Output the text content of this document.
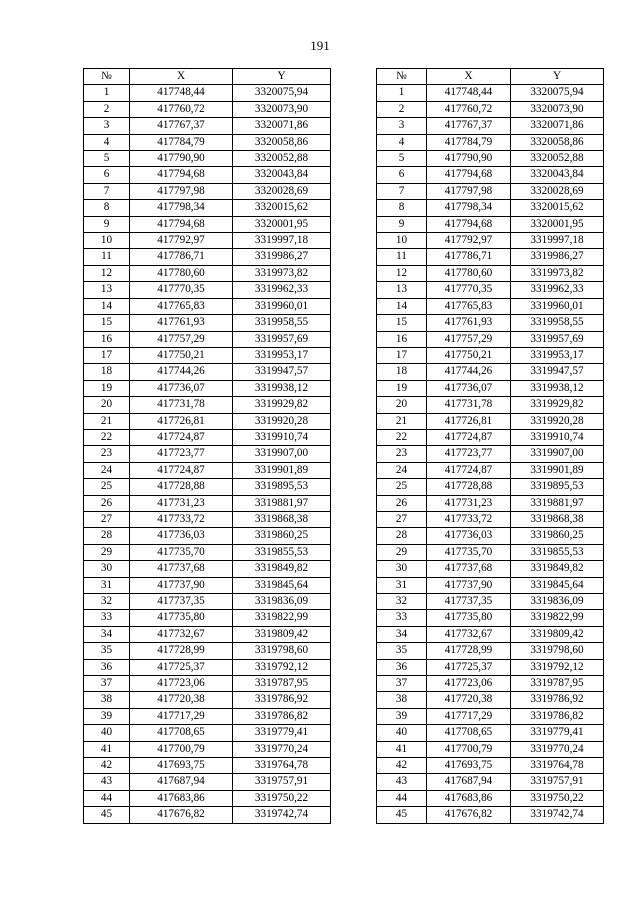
191
№	X	Y
1	417748,44	3320075,94
2	417760,72	3320073,90
3	417767,37	3320071,86
4	417784,79	3320058,86
5	417790,90	3320052,88
6	417794,68	3320043,84
7	417797,98	3320028,69
8	417798,34	3320015,62
9	417794,68	3320001,95
10	417792,97	3319997,18
11	417786,71	3319986,27
12	417780,60	3319973,82
13	417770,35	3319962,33
14	417765,83	3319960,01
15	417761,93	3319958,55
16	417757,29	3319957,69
17	417750,21	3319953,17
18	417744,26	3319947,57
19	417736,07	3319938,12
20	417731,78	3319929,82
21	417726,81	3319920,28
22	417724,87	3319910,74
23	417723,77	3319907,00
24	417724,87	3319901,89
25	417728,88	3319895,53
26	417731,23	3319881,97
27	417733,72	3319868,38
28	417736,03	3319860,25
29	417735,70	3319855,53
30	417737,68	3319849,82
31	417737,90	3319845,64
32	417737,35	3319836,09
33	417735,80	3319822,99
34	417732,67	3319809,42
35	417728,99	3319798,60
36	417725,37	3319792,12
37	417723,06	3319787,95
38	417720,38	3319786,92
39	417717,29	3319786,82
40	417708,65	3319779,41
41	417700,79	3319770,24
42	417693,75	3319764,78
43	417687,94	3319757,91
44	417683,86	3319750,22
45	417676,82	3319742,74
№	X	Y
1	417748,44	3320075,94
2	417760,72	3320073,90
3	417767,37	3320071,86
4	417784,79	3320058,86
5	417790,90	3320052,88
6	417794,68	3320043,84
7	417797,98	3320028,69
8	417798,34	3320015,62
9	417794,68	3320001,95
10	417792,97	3319997,18
11	417786,71	3319986,27
12	417780,60	3319973,82
13	417770,35	3319962,33
14	417765,83	3319960,01
15	417761,93	3319958,55
16	417757,29	3319957,69
17	417750,21	3319953,17
18	417744,26	3319947,57
19	417736,07	3319938,12
20	417731,78	3319929,82
21	417726,81	3319920,28
22	417724,87	3319910,74
23	417723,77	3319907,00
24	417724,87	3319901,89
25	417728,88	3319895,53
26	417731,23	3319881,97
27	417733,72	3319868,38
28	417736,03	3319860,25
29	417735,70	3319855,53
30	417737,68	3319849,82
31	417737,90	3319845,64
32	417737,35	3319836,09
33	417735,80	3319822,99
34	417732,67	3319809,42
35	417728,99	3319798,60
36	417725,37	3319792,12
37	417723,06	3319787,95
38	417720,38	3319786,92
39	417717,29	3319786,82
40	417708,65	3319779,41
41	417700,79	3319770,24
42	417693,75	3319764,78
43	417687,94	3319757,91
44	417683,86	3319750,22
45	417676,82	3319742,74
